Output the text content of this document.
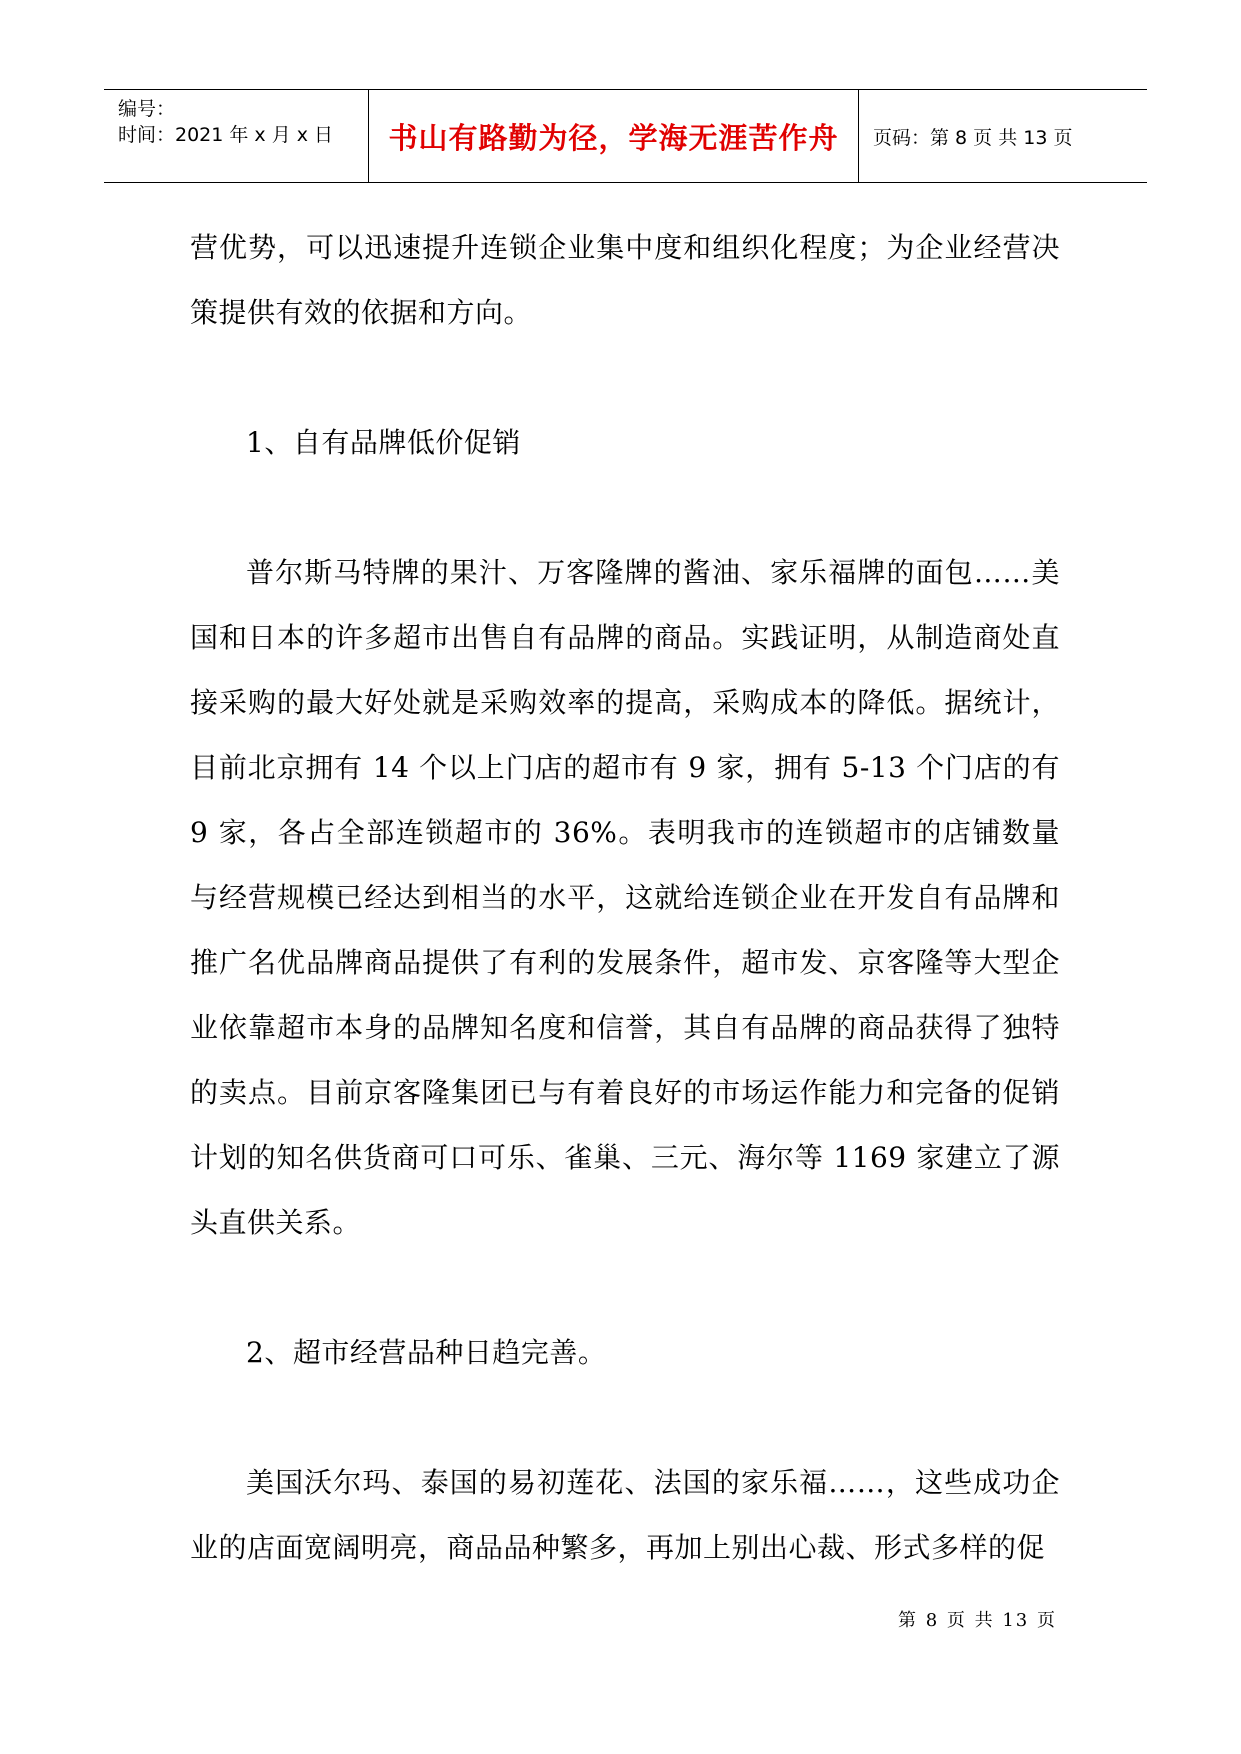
编号：
时间：2021 年 x 月 x 日	书山有路勤为径，学海无涯苦作舟 页码：第 8 页 共 13 页

营优势，可以迅速提升连锁企业集中度和组织化程度；为企业经营决策提供有效的依据和方向。

1、自有品牌低价促销

普尔斯马特牌的果汁、万客隆牌的酱油、家乐福牌的面包……美国和日本的许多超市出售自有品牌的商品。实践证明，从制造商处直接采购的最大好处就是采购效率的提高，采购成本的降低。据统计，目前北京拥有 14 个以上门店的超市有 9 家，拥有 5-13 个门店的有 9 家，各占全部连锁超市的 36%。表明我市的连锁超市的店铺数量与经营规模已经达到相当的水平，这就给连锁企业在开发自有品牌和推广名优品牌商品提供了有利的发展条件，超市发、京客隆等大型企业依靠超市本身的品牌知名度和信誉，其自有品牌的商品获得了独特的卖点。目前京客隆集团已与有着良好的市场运作能力和完备的促销计划的知名供货商可口可乐、雀巢、三元、海尔等 1169 家建立了源头直供关系。

2、超市经营品种日趋完善。

美国沃尔玛、泰国的易初莲花、法国的家乐福……，这些成功企业的店面宽阔明亮，商品品种繁多，再加上别出心裁、形式多样的促

第 8 页 共 13 页
